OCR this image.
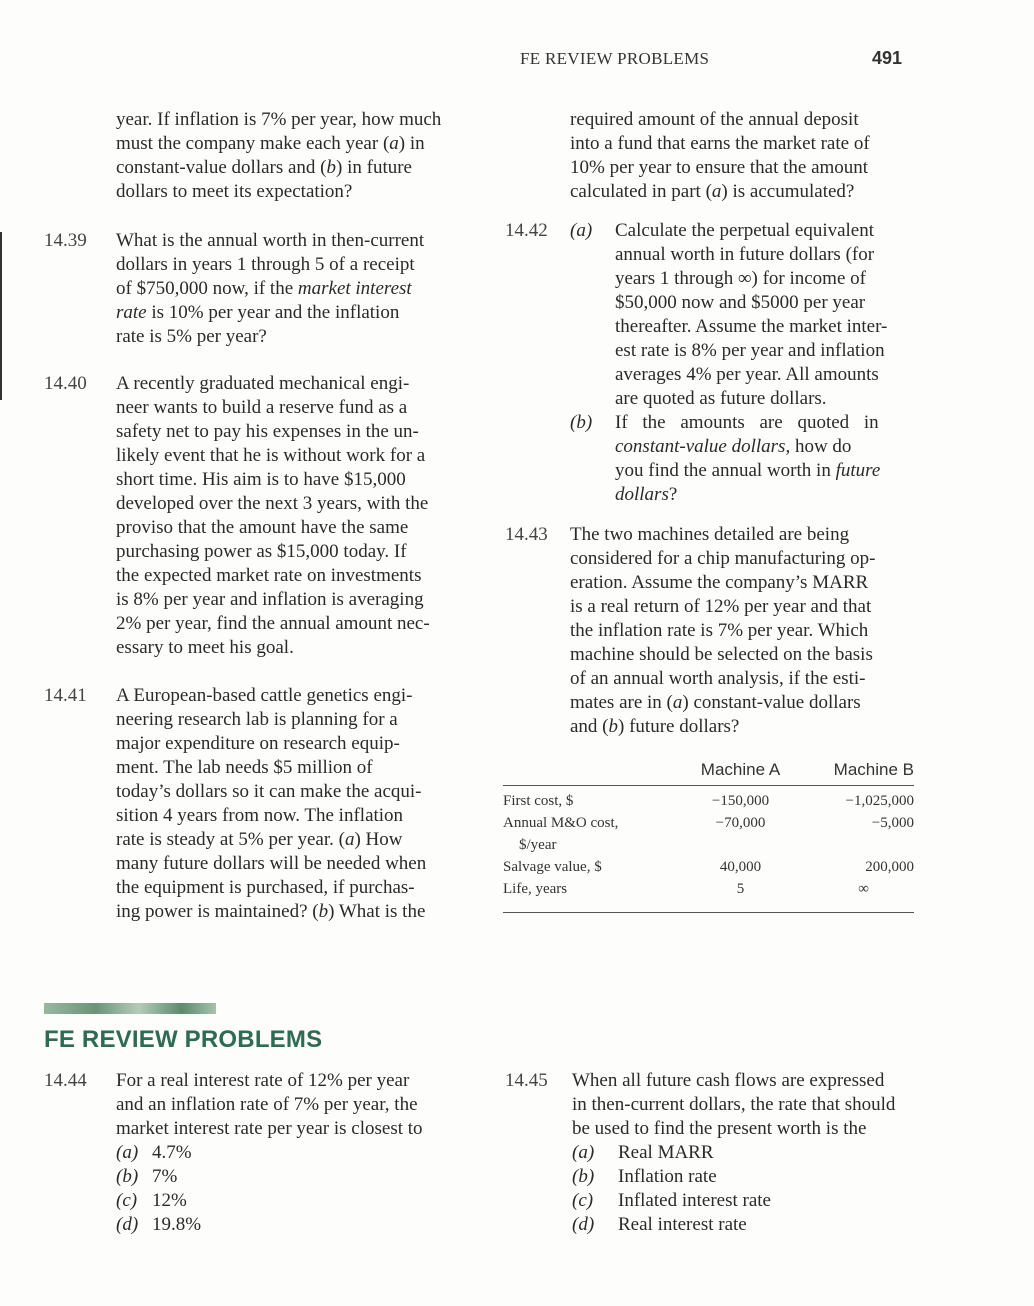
FE REVIEW PROBLEMS	491
year. If inflation is 7% per year, how much
must the company make each year (a) in
constant-value dollars and (b) in future
dollars to meet its expectation?
14.39 What is the annual worth in then-current
dollars in years 1 through 5 of a receipt
of $750,000 now, if the market interest
rate is 10% per year and the inflation
rate is 5% per year?
14.40 A recently graduated mechanical engi-
neer wants to build a reserve fund as a
safety net to pay his expenses in the un-
likely event that he is without work for a
short time. His aim is to have $15,000
developed over the next 3 years, with the
proviso that the amount have the same
purchasing power as $15,000 today. If
the expected market rate on investments
is 8% per year and inflation is averaging
2% per year, find the annual amount nec-
essary to meet his goal.
14.41 A European-based cattle genetics engi-
neering research lab is planning for a
major expenditure on research equip-
ment. The lab needs $5 million of
today’s dollars so it can make the acqui-
sition 4 years from now. The inflation
rate is steady at 5% per year. (a) How
many future dollars will be needed when
the equipment is purchased, if purchas-
ing power is maintained? (b) What is the
required amount of the annual deposit
into a fund that earns the market rate of
10% per year to ensure that the amount
calculated in part (a) is accumulated?
14.42 (a) Calculate the perpetual equivalent
annual worth in future dollars (for
years 1 through ∞) for income of
$50,000 now and $5000 per year
thereafter. Assume the market inter-
est rate is 8% per year and inflation
averages 4% per year. All amounts
are quoted as future dollars.
(b) If the amounts are quoted in
constant-value dollars, how do
you find the annual worth in future
dollars?
14.43 The two machines detailed are being
considered for a chip manufacturing op-
eration. Assume the company’s MARR
is a real return of 12% per year and that
the inflation rate is 7% per year. Which
machine should be selected on the basis
of an annual worth analysis, if the esti-
mates are in (a) constant-value dollars
and (b) future dollars?
	Machine A	Machine B
First cost, $	−150,000	−1,025,000

Annual M&O cost,
$/year	−70,000	−5,000
Salvage value, $	40,000	200,000
Life, years	5	∞
FE REVIEW PROBLEMS
14.44 For a real interest rate of 12% per year
and an inflation rate of 7% per year, the
market interest rate per year is closest to
(a) 4.7%
(b) 7%
(c) 12%
(d) 19.8%
14.45 When all future cash flows are expressed
in then-current dollars, the rate that should
be used to find the present worth is the
(a) Real MARR
(b) Inflation rate
(c) Inflated interest rate
(d) Real interest rate
